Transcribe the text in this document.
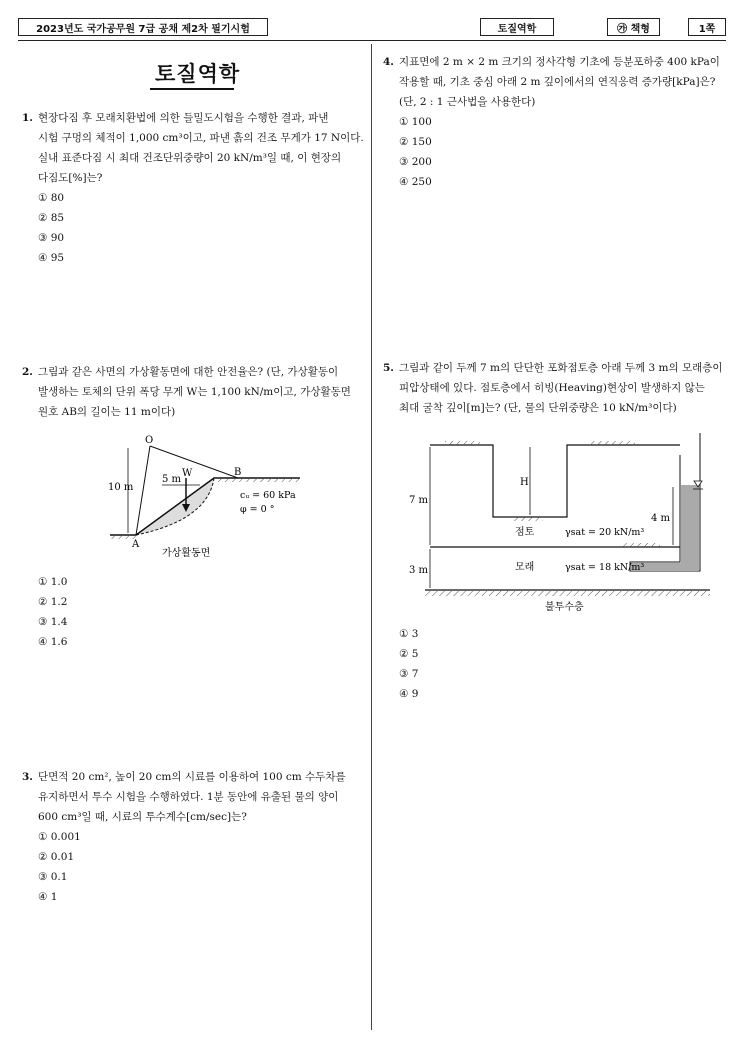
2023년도 국가공무원 7급 공채 제2차 필기시험	토질역학	㉮ 책형	1쪽
토질역학
1. 현장다짐 후 모래치환법에 의한 들밀도시험을 수행한 결과, 파낸
시험 구멍의 체적이 1,000 cm³이고, 파낸 흙의 건조 무게가 17 N이다.
실내 표준다짐 시 최대 건조단위중량이 20 kN/m³일 때, 이 현장의
다짐도[%]는?
① 80
② 85
③ 90
④ 95
2. 그림과 같은 사면의 가상활동면에 대한 안전율은? (단, 가상활동이
발생하는 토체의 단위 폭당 무게 W는 1,100 kN/m이고, 가상활동면
원호 AB의 길이는 11 m이다)
O
A
B
W
10 m
5 m
cᵤ = 60 kPa
φ = 0 °
가상활동면
① 1.0
② 1.2
③ 1.4
④ 1.6
3. 단면적 20 cm², 높이 20 cm의 시료를 이용하여 100 cm 수두차를
유지하면서 투수 시험을 수행하였다. 1분 동안에 유출된 물의 양이
600 cm³일 때, 시료의 투수계수[cm/sec]는?
① 0.001
② 0.01
③ 0.1
④ 1
4. 지표면에 2 m × 2 m 크기의 정사각형 기초에 등분포하중 400 kPa이
작용할 때, 기초 중심 아래 2 m 깊이에서의 연직응력 증가량[kPa]은?
(단, 2 : 1 근사법을 사용한다)
① 100
② 150
③ 200
④ 250
5. 그림과 같이 두께 7 m의 단단한 포화점토층 아래 두께 3 m의 모래층이
피압상태에 있다. 점토층에서 히빙(Heaving)현상이 발생하지 않는
최대 굴착 깊이[m]는? (단, 물의 단위중량은 10 kN/m³이다)
H
7 m
3 m
4 m
점토	γsat = 20 kN/m³
모래	γsat = 18 kN/m³
불투수층
① 3
② 5
③ 7
④ 9
